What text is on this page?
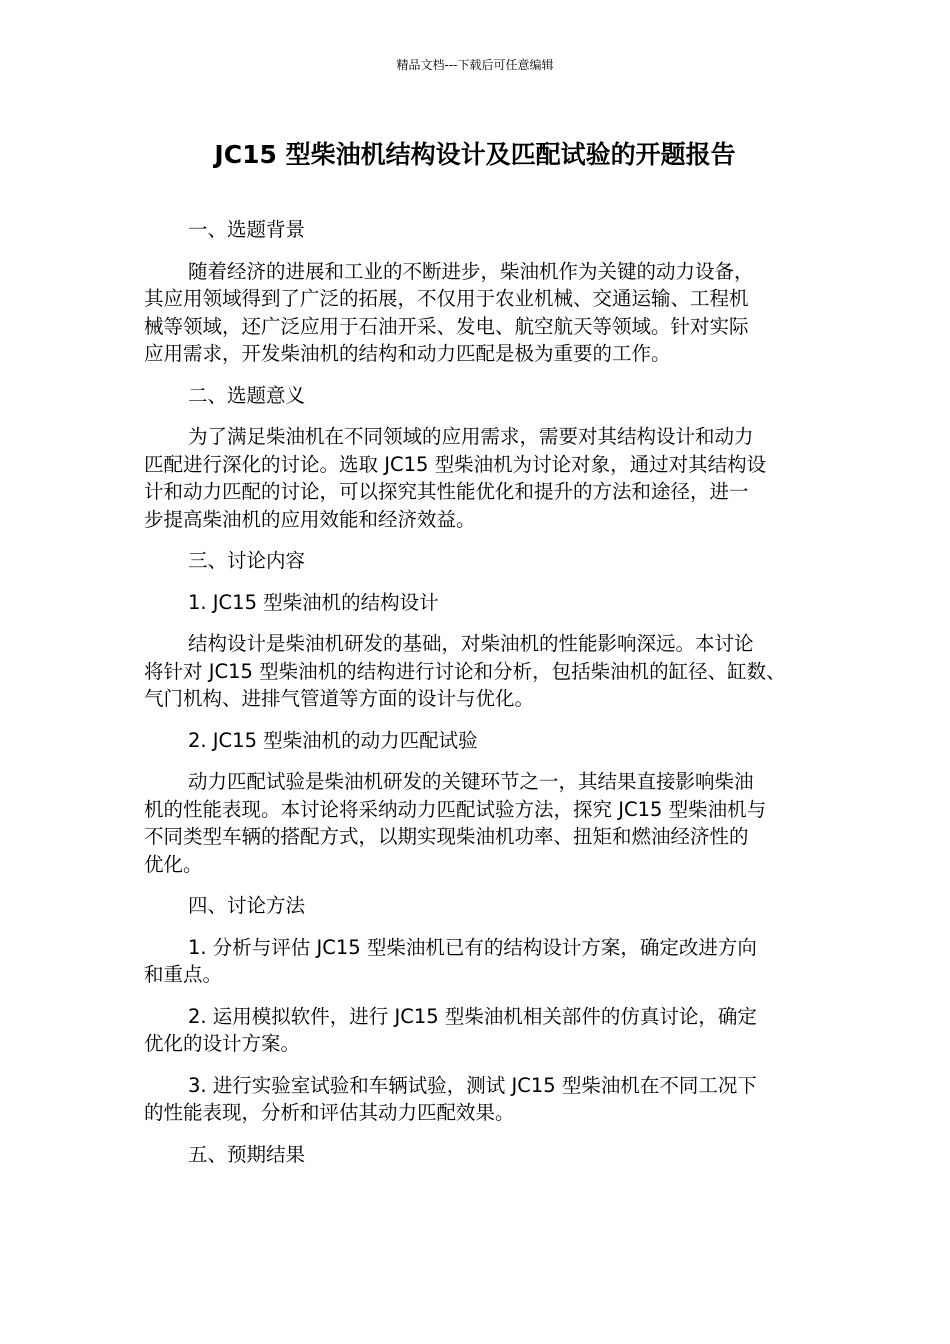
精品文档---下载后可任意编辑
JC15 型柴油机结构设计及匹配试验的开题报告

一、选题背景

随着经济的进展和工业的不断进步，柴油机作为关键的动力设备，
其应用领域得到了广泛的拓展，不仅用于农业机械、交通运输、工程机
械等领域，还广泛应用于石油开采、发电、航空航天等领域。针对实际
应用需求，开发柴油机的结构和动力匹配是极为重要的工作。

二、选题意义

为了满足柴油机在不同领域的应用需求，需要对其结构设计和动力
匹配进行深化的讨论。选取 JC15 型柴油机为讨论对象，通过对其结构设
计和动力匹配的讨论，可以探究其性能优化和提升的方法和途径，进一
步提高柴油机的应用效能和经济效益。

三、讨论内容

1. JC15 型柴油机的结构设计

结构设计是柴油机研发的基础，对柴油机的性能影响深远。本讨论
将针对 JC15 型柴油机的结构进行讨论和分析，包括柴油机的缸径、缸数、
气门机构、进排气管道等方面的设计与优化。

2. JC15 型柴油机的动力匹配试验

动力匹配试验是柴油机研发的关键环节之一，其结果直接影响柴油
机的性能表现。本讨论将采纳动力匹配试验方法，探究 JC15 型柴油机与
不同类型车辆的搭配方式，以期实现柴油机功率、扭矩和燃油经济性的
优化。

四、讨论方法

1. 分析与评估 JC15 型柴油机已有的结构设计方案，确定改进方向
和重点。

2. 运用模拟软件，进行 JC15 型柴油机相关部件的仿真讨论，确定
优化的设计方案。

3. 进行实验室试验和车辆试验，测试 JC15 型柴油机在不同工况下
的性能表现，分析和评估其动力匹配效果。

五、预期结果
